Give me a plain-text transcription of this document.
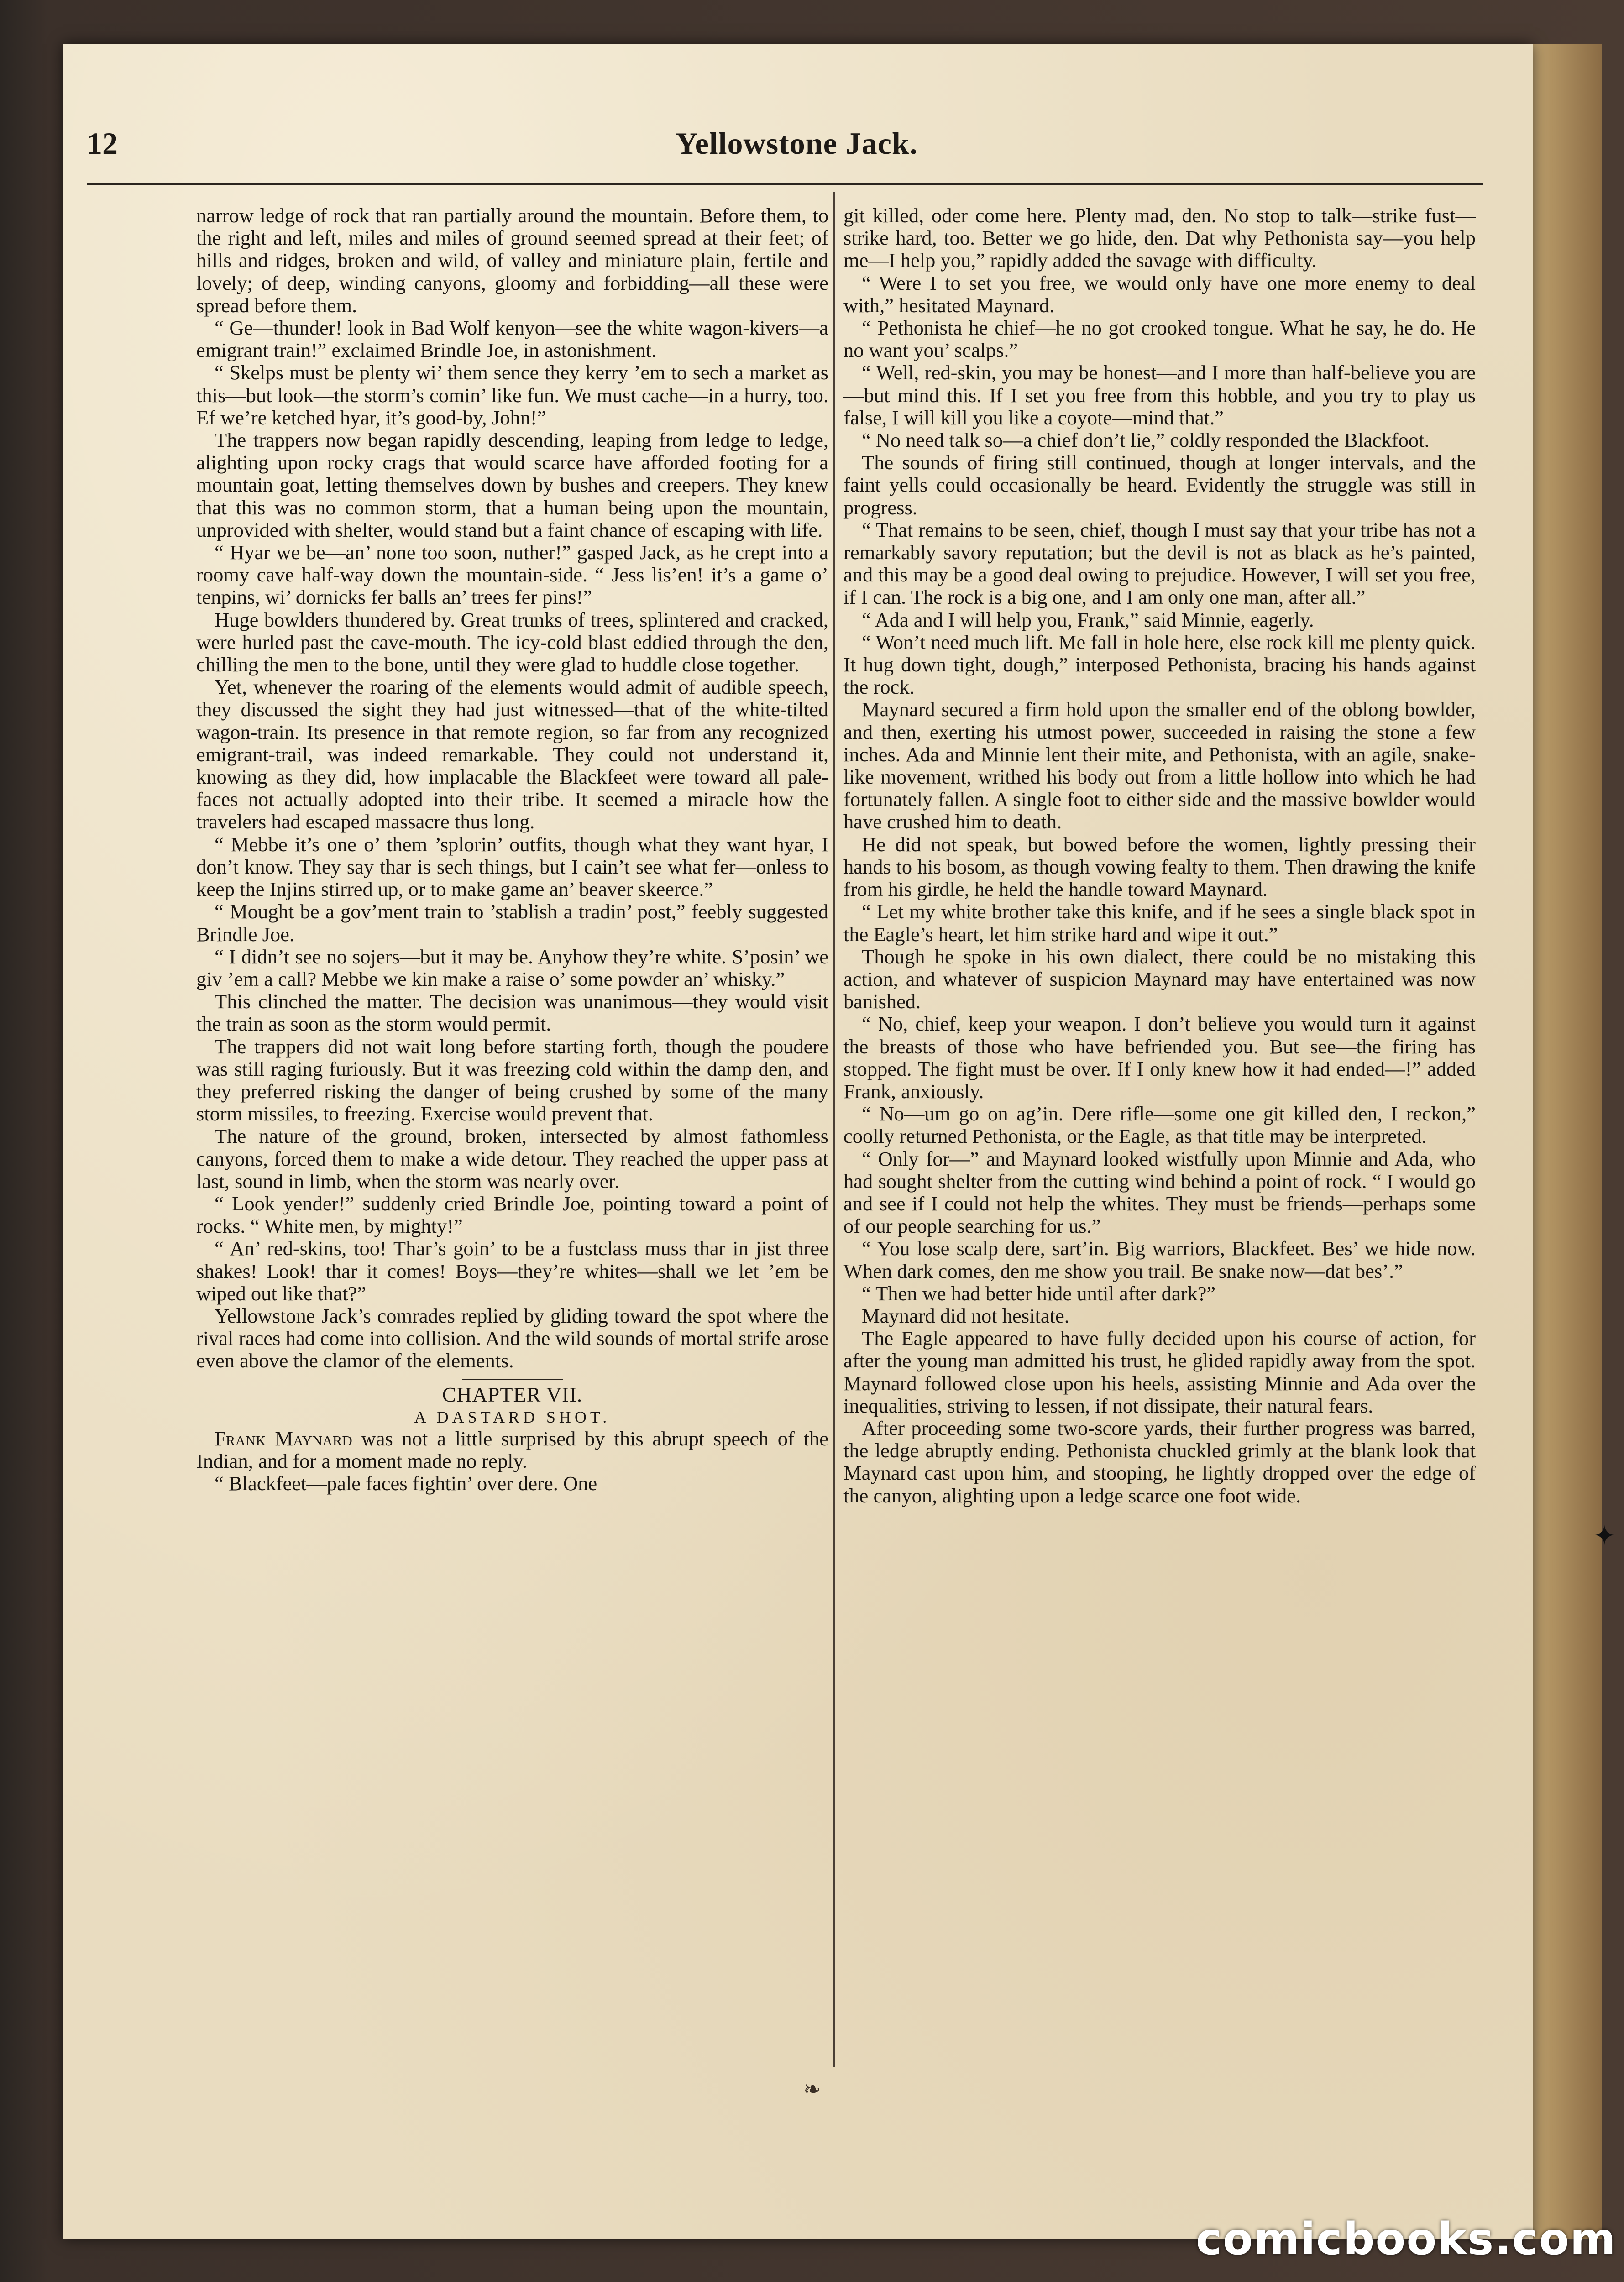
12	Yellowstone Jack.

narrow ledge of rock that ran partially around the mountain. Before them, to the right and left, miles and miles of ground seemed spread at their feet; of hills and ridges, broken and wild, of valley and miniature plain, fertile and lovely; of deep, winding canyons, gloomy and forbidding—all these were spread before them.

“ Ge—thunder! look in Bad Wolf kenyon—see the white wagon-kivers—a emigrant train!” exclaimed Brindle Joe, in astonishment.

“ Skelps must be plenty wi’ them sence they kerry ’em to sech a market as this—but look—the storm’s comin’ like fun. We must cache—in a hurry, too. Ef we’re ketched hyar, it’s good-by, John!”

The trappers now began rapidly descending, leaping from ledge to ledge, alighting upon rocky crags that would scarce have afforded footing for a mountain goat, letting themselves down by bushes and creepers. They knew that this was no common storm, that a human being upon the mountain, unprovided with shelter, would stand but a faint chance of escaping with life.

“ Hyar we be—an’ none too soon, nuther!” gasped Jack, as he crept into a roomy cave half-way down the mountain-side. “ Jess lis’en! it’s a game o’ tenpins, wi’ dornicks fer balls an’ trees fer pins!”

Huge bowlders thundered by. Great trunks of trees, splintered and cracked, were hurled past the cave-mouth. The icy-cold blast eddied through the den, chilling the men to the bone, until they were glad to huddle close together.

Yet, whenever the roaring of the elements would admit of audible speech, they discussed the sight they had just witnessed—that of the white-tilted wagon-train. Its presence in that remote region, so far from any recognized emigrant-trail, was indeed remarkable. They could not understand it, knowing as they did, how implacable the Blackfeet were toward all pale-faces not actually adopted into their tribe. It seemed a miracle how the travelers had escaped massacre thus long.

“ Mebbe it’s one o’ them ’splorin’ outfits, though what they want hyar, I don’t know. They say thar is sech things, but I cain’t see what fer—onless to keep the Injins stirred up, or to make game an’ beaver skeerce.”

“ Mought be a gov’ment train to ’stablish a tradin’ post,” feebly suggested Brindle Joe.

“ I didn’t see no sojers—but it may be. Anyhow they’re white. S’posin’ we giv ’em a call? Mebbe we kin make a raise o’ some powder an’ whisky.”

This clinched the matter. The decision was unanimous—they would visit the train as soon as the storm would permit.

The trappers did not wait long before starting forth, though the poudere was still raging furiously. But it was freezing cold within the damp den, and they preferred risking the danger of being crushed by some of the many storm missiles, to freezing. Exercise would prevent that.

The nature of the ground, broken, intersected by almost fathomless canyons, forced them to make a wide detour. They reached the upper pass at last, sound in limb, when the storm was nearly over.

“ Look yender!” suddenly cried Brindle Joe, pointing toward a point of rocks. “ White men, by mighty!”

“ An’ red-skins, too! Thar’s goin’ to be a fustclass muss thar in jist three shakes! Look! thar it comes! Boys—they’re whites—shall we let ’em be wiped out like that?”

Yellowstone Jack’s comrades replied by gliding toward the spot where the rival races had come into collision. And the wild sounds of mortal strife arose even above the clamor of the elements.

CHAPTER VII.
A DASTARD SHOT.

Frank Maynard was not a little surprised by this abrupt speech of the Indian, and for a moment made no reply.

“ Blackfeet—pale faces fightin’ over dere. One

git killed, oder come here. Plenty mad, den. No stop to talk—strike fust—strike hard, too. Better we go hide, den. Dat why Pethonista say—you help me—I help you,” rapidly added the savage with difficulty.

“ Were I to set you free, we would only have one more enemy to deal with,” hesitated Maynard.

“ Pethonista he chief—he no got crooked tongue. What he say, he do. He no want you’ scalps.”

“ Well, red-skin, you may be honest—and I more than half-believe you are—but mind this. If I set you free from this hobble, and you try to play us false, I will kill you like a coyote—mind that.”

“ No need talk so—a chief don’t lie,” coldly responded the Blackfoot.

The sounds of firing still continued, though at longer intervals, and the faint yells could occasionally be heard. Evidently the struggle was still in progress.

“ That remains to be seen, chief, though I must say that your tribe has not a remarkably savory reputation; but the devil is not as black as he’s painted, and this may be a good deal owing to prejudice. However, I will set you free, if I can. The rock is a big one, and I am only one man, after all.”

“ Ada and I will help you, Frank,” said Minnie, eagerly.

“ Won’t need much lift. Me fall in hole here, else rock kill me plenty quick. It hug down tight, dough,” interposed Pethonista, bracing his hands against the rock.

Maynard secured a firm hold upon the smaller end of the oblong bowlder, and then, exerting his utmost power, succeeded in raising the stone a few inches. Ada and Minnie lent their mite, and Pethonista, with an agile, snake-like movement, writhed his body out from a little hollow into which he had fortunately fallen. A single foot to either side and the massive bowlder would have crushed him to death.

He did not speak, but bowed before the women, lightly pressing their hands to his bosom, as though vowing fealty to them. Then drawing the knife from his girdle, he held the handle toward Maynard.

“ Let my white brother take this knife, and if he sees a single black spot in the Eagle’s heart, let him strike hard and wipe it out.”

Though he spoke in his own dialect, there could be no mistaking this action, and whatever of suspicion Maynard may have entertained was now banished.

“ No, chief, keep your weapon. I don’t believe you would turn it against the breasts of those who have befriended you. But see—the firing has stopped. The fight must be over. If I only knew how it had ended—!” added Frank, anxiously.

“ No—um go on ag’in. Dere rifle—some one git killed den, I reckon,” coolly returned Pethonista, or the Eagle, as that title may be interpreted.

“ Only for—” and Maynard looked wistfully upon Minnie and Ada, who had sought shelter from the cutting wind behind a point of rock. “ I would go and see if I could not help the whites. They must be friends—perhaps some of our people searching for us.”

“ You lose scalp dere, sart’in. Big warriors, Blackfeet. Bes’ we hide now. When dark comes, den me show you trail. Be snake now—dat bes’.”

“ Then we had better hide until after dark?”

Maynard did not hesitate.

The Eagle appeared to have fully decided upon his course of action, for after the young man admitted his trust, he glided rapidly away from the spot. Maynard followed close upon his heels, assisting Minnie and Ada over the inequalities, striving to lessen, if not dissipate, their natural fears.

After proceeding some two-score yards, their further progress was barred, the ledge abruptly ending. Pethonista chuckled grimly at the blank look that Maynard cast upon him, and stooping, he lightly dropped over the edge of the canyon, alighting upon a ledge scarce one foot wide.

❧
✦
comicbooks.com
